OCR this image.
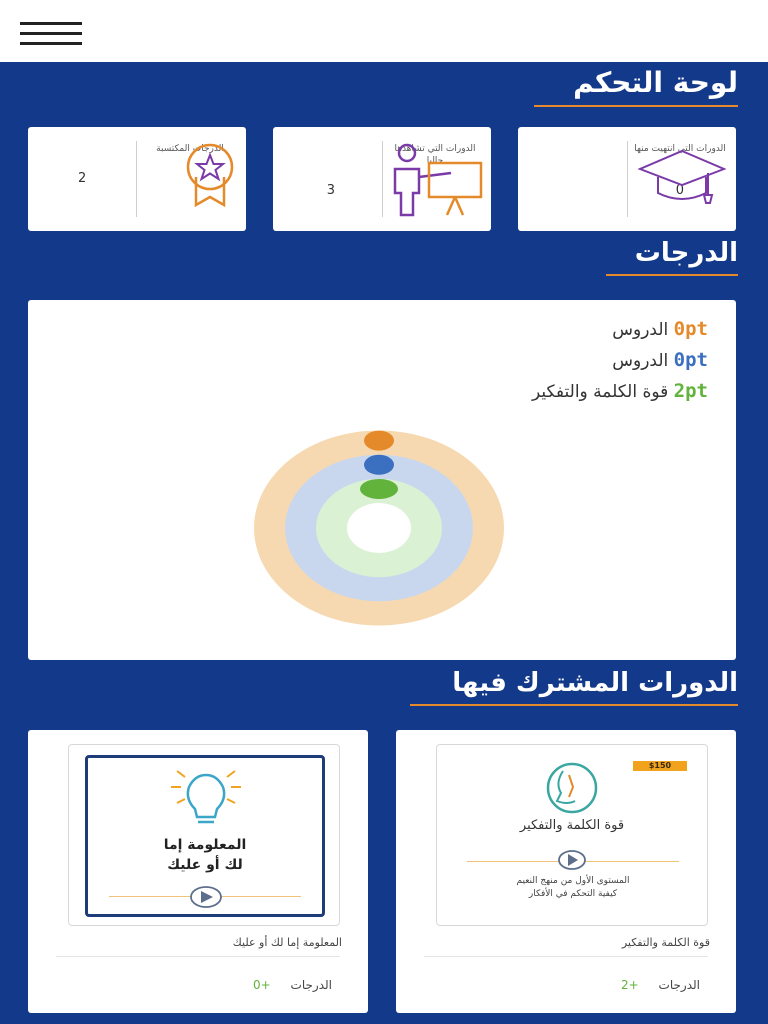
لوحة التحكم
الدورات التي انتهيت منها
0
الدورات التي تشاهدها حاليا
3
الدرجات المكتسبة
2
الدرجات
0pt الدروس
0pt الدروس
2pt قوة الكلمة والتفكير
الدورات المشترك فيها
$150
قوة الكلمة والتفكير
المستوى الأول من منهج النعيم
كيفية التحكم في الأفكار
قوة الكلمة والتفكير
الدرجات +2
المعلومة إما
لك أو عليك
المعلومة إما لك أو عليك
الدرجات +0
